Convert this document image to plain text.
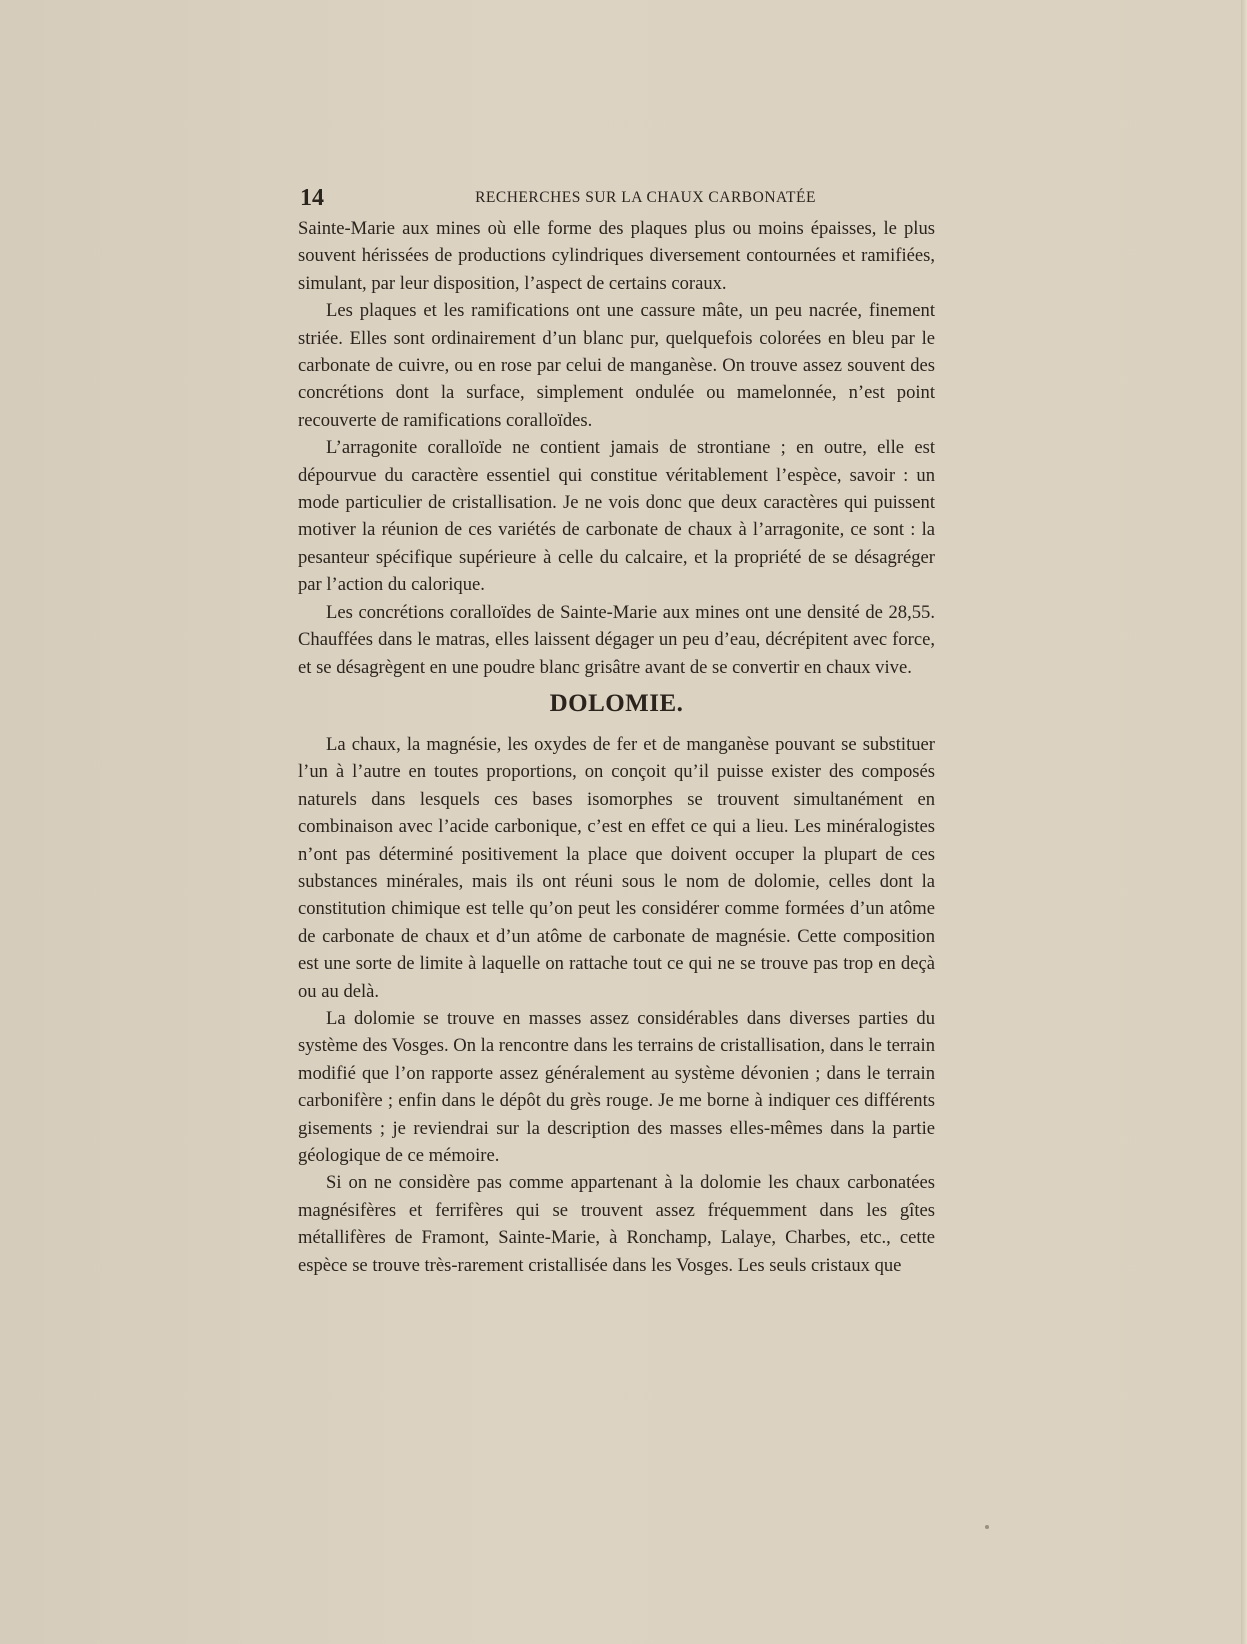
14	RECHERCHES SUR LA CHAUX CARBONATÉE

Sainte-Marie aux mines où elle forme des plaques plus ou moins épaisses, le plus souvent hérissées de productions cylindriques diversement contournées et ramifiées, simulant, par leur disposition, l’aspect de certains coraux.

Les plaques et les ramifications ont une cassure mâte, un peu nacrée, finement striée. Elles sont ordinairement d’un blanc pur, quelquefois colorées en bleu par le carbonate de cuivre, ou en rose par celui de manganèse. On trouve assez souvent des concrétions dont la surface, simplement ondulée ou mamelonnée, n’est point recouverte de ramifications coralloïdes.

L’arragonite coralloïde ne contient jamais de strontiane ; en outre, elle est dépourvue du caractère essentiel qui constitue véritablement l’espèce, savoir : un mode particulier de cristallisation. Je ne vois donc que deux caractères qui puissent motiver la réunion de ces variétés de carbonate de chaux à l’arragonite, ce sont : la pesanteur spécifique supérieure à celle du calcaire, et la propriété de se désagréger par l’action du calorique.

Les concrétions coralloïdes de Sainte-Marie aux mines ont une densité de 28,55. Chauffées dans le matras, elles laissent dégager un peu d’eau, décrépitent avec force, et se désagrègent en une poudre blanc grisâtre avant de se convertir en chaux vive.

DOLOMIE.

La chaux, la magnésie, les oxydes de fer et de manganèse pouvant se substituer l’un à l’autre en toutes proportions, on conçoit qu’il puisse exister des composés naturels dans lesquels ces bases isomorphes se trouvent simultanément en combinaison avec l’acide carbonique, c’est en effet ce qui a lieu. Les minéralogistes n’ont pas déterminé positivement la place que doivent occuper la plupart de ces substances minérales, mais ils ont réuni sous le nom de dolomie, celles dont la constitution chimique est telle qu’on peut les considérer comme formées d’un atôme de carbonate de chaux et d’un atôme de carbonate de magnésie. Cette composition est une sorte de limite à laquelle on rattache tout ce qui ne se trouve pas trop en deçà ou au delà.

La dolomie se trouve en masses assez considérables dans diverses parties du système des Vosges. On la rencontre dans les terrains de cristallisation, dans le terrain modifié que l’on rapporte assez généralement au système dévonien ; dans le terrain carbonifère ; enfin dans le dépôt du grès rouge. Je me borne à indiquer ces différents gisements ; je reviendrai sur la description des masses elles-mêmes dans la partie géologique de ce mémoire.

Si on ne considère pas comme appartenant à la dolomie les chaux carbonatées magnésifères et ferrifères qui se trouvent assez fréquemment dans les gîtes métallifères de Framont, Sainte-Marie, à Ronchamp, Lalaye, Charbes, etc., cette espèce se trouve très-rarement cristallisée dans les Vosges. Les seuls cristaux que
